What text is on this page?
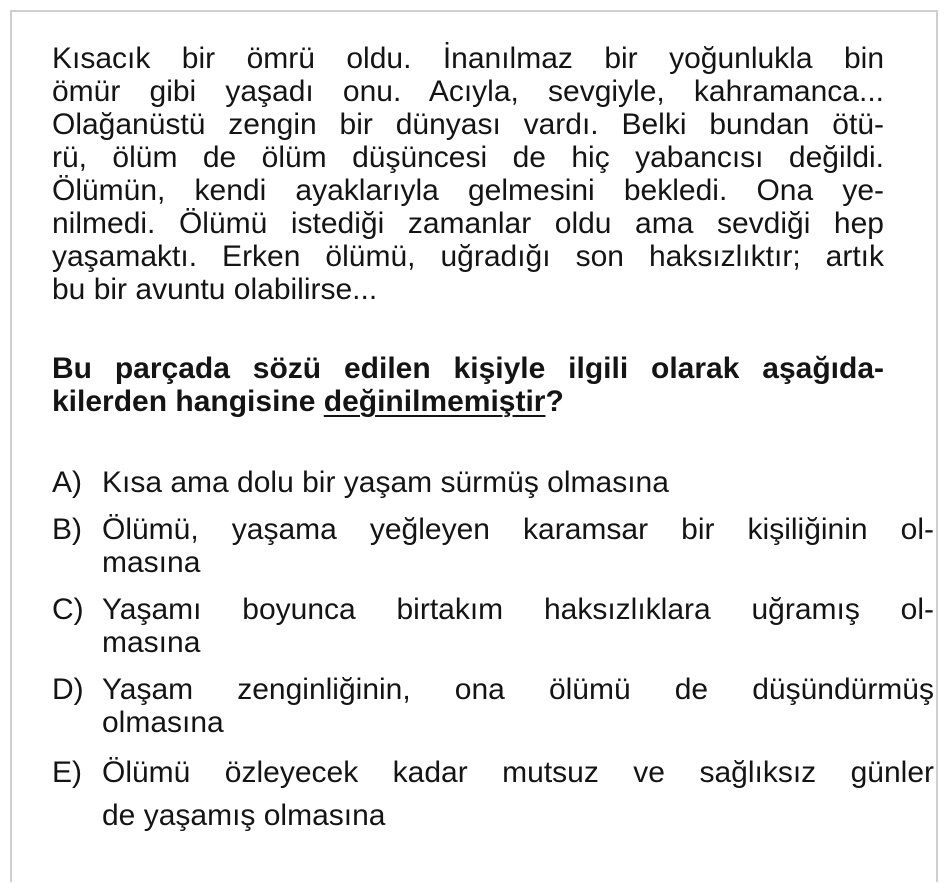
Kısacık bir ömrü oldu. İnanılmaz bir yoğunlukla bin
ömür gibi yaşadı onu. Acıyla, sevgiyle, kahramanca...
Olağanüstü zengin bir dünyası vardı. Belki bundan ötü-
rü, ölüm de ölüm düşüncesi de hiç yabancısı değildi.
Ölümün, kendi ayaklarıyla gelmesini bekledi. Ona ye-
nilmedi. Ölümü istediği zamanlar oldu ama sevdiği hep
yaşamaktı. Erken ölümü, uğradığı son haksızlıktır; artık
bu bir avuntu olabilirse...
Bu parçada sözü edilen kişiyle ilgili olarak aşağıda-
kilerden hangisine değinilmemiştir?
A) Kısa ama dolu bir yaşam sürmüş olmasına
B) Ölümü, yaşama yeğleyen karamsar bir kişiliğinin ol-
masına
C) Yaşamı boyunca birtakım haksızlıklara uğramış ol-
masına
D) Yaşam zenginliğinin, ona ölümü de düşündürmüş
olmasına
E) Ölümü özleyecek kadar mutsuz ve sağlıksız günler
de yaşamış olmasına
